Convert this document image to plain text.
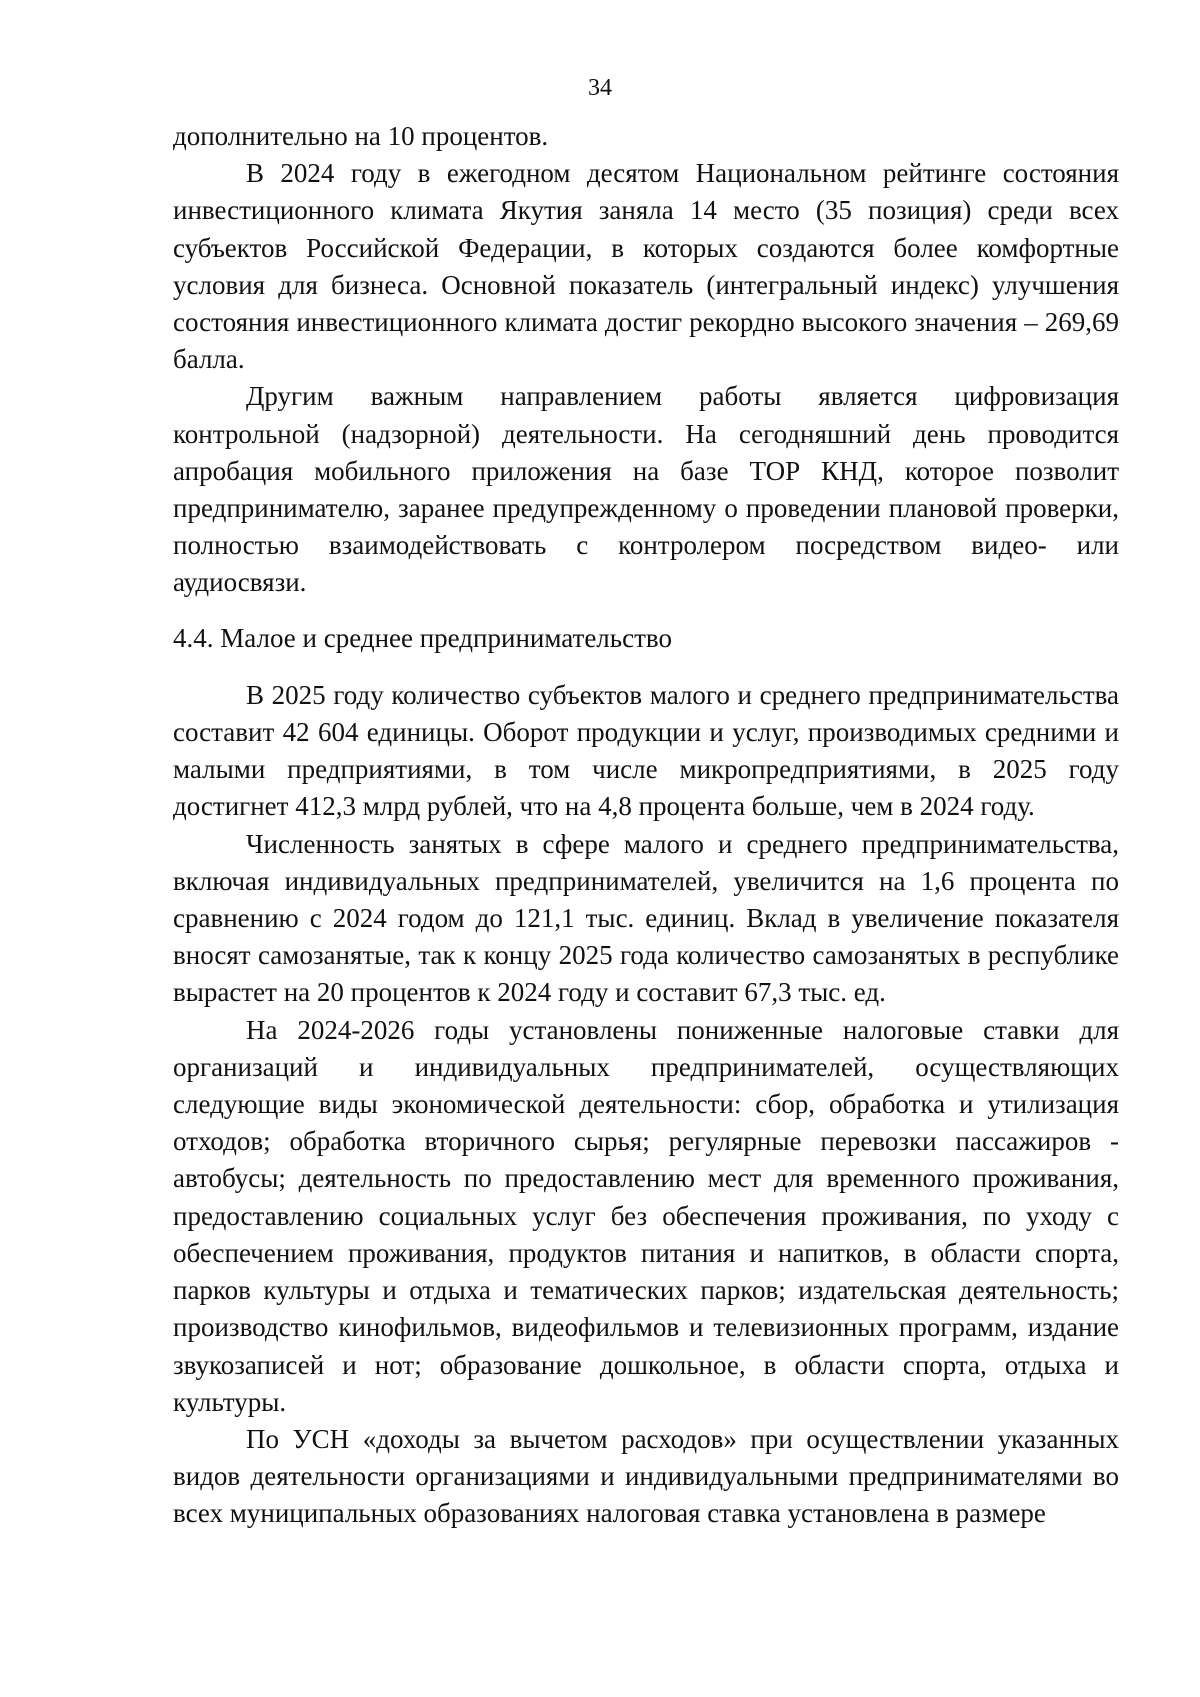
34

дополнительно на 10 процентов.

В 2024 году в ежегодном десятом Национальном рейтинге состояния инвестиционного климата Якутия заняла 14 место (35 позиция) среди всех субъектов Российской Федерации, в которых создаются более комфортные условия для бизнеса. Основной показатель (интегральный индекс) улучшения состояния инвестиционного климата достиг рекордно высокого значения – 269,69 балла.

Другим важным направлением работы является цифровизация контрольной (надзорной) деятельности. На сегодняшний день проводится апробация мобильного приложения на базе ТОР КНД, которое позволит предпринимателю, заранее предупрежденному о проведении плановой проверки, полностью взаимодействовать с контролером посредством видео- или аудиосвязи.

4.4. Малое и среднее предпринимательство

В 2025 году количество субъектов малого и среднего предпринимательства составит 42 604 единицы. Оборот продукции и услуг, производимых средними и малыми предприятиями, в том числе микропредприятиями, в 2025 году достигнет 412,3 млрд рублей, что на 4,8 процента больше, чем в 2024 году.

Численность занятых в сфере малого и среднего предпринимательства, включая индивидуальных предпринимателей, увеличится на 1,6 процента по сравнению с 2024 годом до 121,1 тыс. единиц. Вклад в увеличение показателя вносят самозанятые, так к концу 2025 года количество самозанятых в республике вырастет на 20 процентов к 2024 году и составит 67,3 тыс. ед.

На 2024-2026 годы установлены пониженные налоговые ставки для организаций и индивидуальных предпринимателей, осуществляющих следующие виды экономической деятельности: сбор, обработка и утилизация отходов; обработка вторичного сырья; регулярные перевозки пассажиров - автобусы; деятельность по предоставлению мест для временного проживания, предоставлению социальных услуг без обеспечения проживания, по уходу с обеспечением проживания, продуктов питания и напитков, в области спорта, парков культуры и отдыха и тематических парков; издательская деятельность; производство кинофильмов, видеофильмов и телевизионных программ, издание звукозаписей и нот; образование дошкольное, в области спорта, отдыха и культуры.

По УСН «доходы за вычетом расходов» при осуществлении указанных видов деятельности организациями и индивидуальными предпринимателями во всех муниципальных образованиях налоговая ставка установлена в размере
